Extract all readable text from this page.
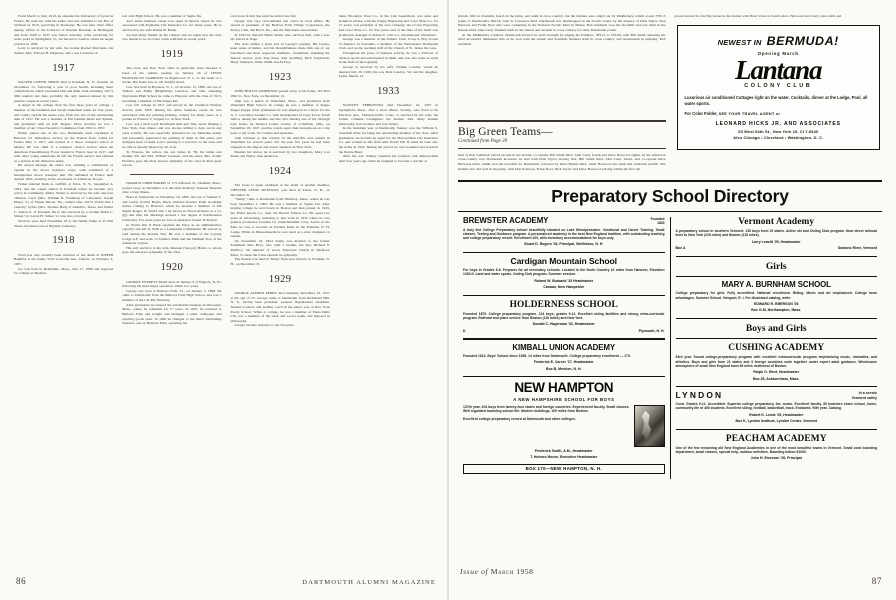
From March to July, 1919, he attended the University of Lyons in France. He read law with his father and was admitted to the Bar of Vermont in 1919, practicing in Rochester. He was later chief office deputy, Office of the Collector of Internal Revenue, in Burlington and from 1928 to 1935 was State's Attorney. After practicing for some years in Springfield, Vt., he moved to Ludlow where he began practice in 1956.

Larry is survived by his wife, the former Rachel Marchaux, his mother, Mrs. Edward H. Edgerton, and a son Lawrence Jr.

1917

WALTER COFFIN SIMON died at Potsdam, N. Y., hospital on November 15, following a year of poor health, including heart complications which prevented him and Ruth from attending 1917's 40th reunion last June, probably the only reunion missed by this popular couple in recent years.

A singer in the college choir his first three years in college, a member of the freshman and varsity basketball teams for four years, and varsity captain his senior year, Walt was one of the outstanding men of 1917. He was a member of Phi Gamma Delta and Sphinx, and graduated with an A.B. Degree. More recently, he was a member of our Class Executive Committee from 1952 to 1957.

Walter joined one of the two Dartmouth units organized at Hanover for ambulance service on the French front, sailed for France May 5, 1917, and trained at a motor transport school at Meaux. He was chief of a transport service section when the American Expeditionary Force landed in France later in 1917, and with other young Americans he left the French service and enlisted as a private in the American Army.

He served through the entire war, winning a commission as captain in the motor transport corps, with command of a headquarters motor transport unit. He remained in France until August 1919, assisting in the evacuation of American Troops.

Walter married Ruth A. Griffith of Utica, N. Y., September 4, 1923, and the couple settled in Potsdam where he became very active in community affairs. Walter is survived by his wife and four children, Carol (Mrs. William R. Freeman) of Cleveland; Joseph Emery '51 of Winter Haven, Fla., named after 1917's World War I casualty; Sylvia (Mrs. Thomas Hart) of Amarillo, Texas; and Walter C. Simon Jr. of Potsdam. He is also survived by a brother Rufus L. Simon '14. Lewis H. Simon '11 was also a brother.

Services were held November 18 at the family home at 55 Elm Street and burial was at Bayside Cemetery.

1918

Word has only recently been received of the death of JOSEPH BARNA at his home, 5510 Courville Ave., Detroit, on February 4, 1957.

Joe was born in Roslindale, Mass., July 27, 1896 and prepared for college at Mechan-

ical Arts High School. He was a member of Sigma Nu.

Joe's entire business career was spent in Detroit where he was associated with Equitable Life Insurance Co. for many years. He is survived by his wife Donna B. Barak.

Joe had many friends on the campus and we regret that the class was unable to be in closer touch with him in recent years.

1919

The class, and New York '19ers in particular, were shocked to learn of the sudden passing on January 24 of LEWIS FRANCISCUS GARRISON in Englewood, N. J., as the result of a stroke. His home was at 145 Tenafly Road.

Lew was born in Boonton, N. J., on October 15, 1896, the son of Wilbert and Emily (Brightman) Garrison, and after attending Stuyvesant High School he came to Hanover with the class of 1915, becoming a member of Phi Kappa Psi.

Lew left college in 1917 and served in the Chemical Warfare Service until 1918. During his entire business career he was associated with the printing industry, latterly for many years as a partner in Frances V. Toppan Co. in New York.

Lew was a most loyal Dartmouth man and '19er, never missing a New York class dinner, and was always willing to help out in any class activity. He was especially interested in our Madeline needs, and personally supervised the printing of them in fine plant, and designed most of them. Lew's passing is a sad blow to the class and he will be greatly missed by all of us.

To Frances, his widow, his son James R. '58, his father and mother, Mr. and Mrs. Wilbert Garrison, and his sister, Mrs. Arthur Fletcher, goes the most sincere sympathy of the class in their great sorrow.

HAROLD COBB HARRIS of 173 Jefferson St., Dedham, Mass., passed away on December 4 at the West Roxbury Veterans Hospital after a long illness.

Born in Somerville on December 16, 1895, the son of Samuel T. and Carrie (Cobb) Harris, Buck attended Powder Point Academy before coming to Hanover, where he became a member of Phi Sigma Kappa. In World War I he served in Naval Aviation as a Lt. (jg) and after his discharge secured a law degree at Northeastern University. For some years he was an insurance broker in Boston.

In World War II Buck rejoined the Navy in an administrative capacity and left in 1948 as a Lieutenant Commander. He served as well during the Korean War. He was a member of the Loyalty Lodge A.F. and A.M. of Jamaica Plain and the Dedham Post of the American Legion.

His only survivor is his wife, Marteen (Sawyer) Harris, to whom goes the sincerest sympathy of the class.

1920

GEORGE EVERETT PAGE died on January 6 at Walpole, N. H., following his third major operation within two years.

George was born at Bellows Falls, Vt., on January 5, 1898. He came to Dartmouth from the Bellows Falls High School, and was a member of the Chi Phi fraternity.

After graduation he entered the automobile business in Worcester, Mass., where he remained for 17 years. In 1937, he returned to Bellows Falls and bought and managed a paint, wallpaper and sporting goods store. In 1940 he changed to the men's furnishings business, also in Bellows Falls, operating his

own store in that line until he retired last fall.

George was very civic-minded and active in local affairs. He served as president of the Bellows Falls Village Corporation, the Rotary Club, Ski Bowl, Inc., and the Merchants Association.

In 1923 he married Helen Smith, who survives him, with a son, Dr. David A. Page.

The class suffers a great loss in George's passing. His loyalty, keen sense of humor, and his thoughtfulness made him one of our best-liked and most respected members. Classmates attending the funeral service were Rog Pope, Ken Spalding, Dick Southwick, Harry Sampson, Wade Smith and Al Frey.

1923

JOHN HOLLIS ANDERSON passed away at his home, 110 East 18th St., New York, on December 12.

John was a native of Wakefield, Mass., and graduated from Wakefield High School. In college he was a member of Kappa Kappa Kappa. After graduation he was employed as a buyer for the A. C. Lawrence Leather Co. with headquarters in Cape Town, South Africa, during the middle and late 20's. During one of his furlough trips home, he married Louise Garrity of Columbus, Ohio, on September 18, 1927, and the couple spent their honeymoon on a trip back to his work, via Canada and Australia.

John returned to this country in the mid-30's and resided in Wakefield for several years. For the past few years he had been engaged in the import and export business in New York.

Besides his widow he is survived by two daughters, Mary Lou Bolen and Nancy Jane Anderson.

1924

The Class is again saddened at the death of another member, CHESTER LEWIS MCELROY, who died in Tilton, N. H., on December 31.

"Sandy" came to Dartmouth from Winthrop, Mass., where he was born September 1, 1902. He was a member of Sigma Chi. After leaving college he sold bonds in Boston and then joined, in 1929, the Eldon Knoth Co., later the Boston Edison Co. He spent two years in advertising, returning to that work in 1933 where he was general production foreman for Johns-Manville Corp. Active in the Elks, he rose to become an Exalted Ruler in the Franklin, N. H. Lodge. While in Massachusetts he was rated as a state champion at squash.

On November 22, 1954 Sandy was married to the former Ermelinda Mae Hoyt, who with a brother, the Rev. Richard P. McElroy '26, minister of Grace Episcopal Church in Medford, Mass. To them the Class extends its sympathy.

The funeral was held in Trinity Episcopal Church, in Franklin, N. H., on December 31.

1929

GEORGE ALFRED PERRY died suddenly December 16, 1957 at the age of 55. George came to Dartmouth from Richmond Hill, N. Y., having been president, General Organization chairman, Student Council, and leading coach in his senior year at New York Poetry School. While at college, he was a member of Theta Delta Chi, was a member of the track and soccer teams and majored in philosophy.

George became assistant to the vice-pres-

ident, Brooklyn Trust Co., in the trust department, was sales and technical adviser with the Knapp Engraving and Color Plate Co. for 15 years; was president of his own company, the Crown Engraving and Color Plate Co. for five years; and at the time of his death was production manager of Robert E. Otis Co., international advertisers.

George was a member of the Fathers' Club, Troop 9, Boy Scouts of America in Scarsdale, a member of the Westchester Dartmouth Club, and on the teaching staff of the Church of St. James the Less.

Throughout his years of business activity, he was a follower of outdoor sports and participated in them, and was also quite an artist in the field of photography.

George is survived by his wife, Pauline Loudon, whom he married July 29, 1929; his son, Dale London, '54; and his daughter, Lynne Marsh, 12.

1933

STANLEY ZEBROWSKI died December 16, 1957 in Springfield, Mass., after a short illness. Stanley, who lived at 92 Fairview Ave., Thompsonville, Conn., is survived by his wife, the former Climene Casinghino; his mother, Mrs. Mary Kandel Zebrowski; four brothers and four sisters.

In his freshman year at Dartmouth, Stanley won the William S. Churchill Prize for being the outstanding member of his class. After graduation, he became an agent for the Metropolitan Life Insurance Co. and worked in this field until World War II when he went into the Army in 1943. During his service he was wounded and received the Purple Heart.

After the war, Stanley resumed his position with Metropolitan until four years ago when he resigned to become a teacher at

86	DARTMOUTH ALUMNI MAGAZINE

slalom, fifth in downhill, fourth in the jump, and tenth in cross country, but the Indians were edged out by Middlebury, which scored 578.15 points to Dartmouth's 566.16, with St. Lawrence third. Dartmouth was handicapped in the Nordic events by the absence of Dick Taylor, Don Peterson and Frank Noel who were competing in the National Nordic Meet in Maine. Bob Gebhardt won the downhill and was third in the slalom while John Ceely finished sixth in the slalom and seventh in cross country for other Dartmouth points.

At the Middlebury Carnival, Dartmouth showed its team strength by edging the Panthers, 583.13 to 576.09, with Bill Smith annexing his third successive Skimeister title as he won both the slalom and downhill, finished sixth in cross country, and seventeenth in jumping. Bob Gebhardt

Big Green Teams—
Continued from Page 39

lead as Bob Gebhardt placed second in the slalom, co-captain Bill Smith third, John Ceely fourth and Dave Harwood eighth. In the afternoon cross-country race Dartmouth increased its lead with Dick Taylor placing first, Bill Smith third, John Ceely fourth, and co-captain Dave Harwood ninth. Smith won the downhill for Dartmouth, followed by Dave Britten third, while Harwood was tenth and Gebhardt twelfth. The Indians also did well in the jump, with Don Peterson, Frank Noel, Dick Taylor and Dave Harwood placing within the first ten.

placed second for the Big Green in the slalom with Dave Vorse in fourth place. Harwood and Ceely were sixth and

NEWEST IN BERMUDA!
Opening March
Lantana
COLONY CLUB
Luxurious air conditioned Cottages right on the water. Cocktails, dinner at the Lodge, Pool, all water sports.
For Color Folder, SEE YOUR TRAVEL AGENT or
LEONARD HICKS JR. AND ASSOCIATES
65 West 54th St., New York 19, CI 7-6940
Also Chicago • Cleveland • Washington, D. C.
Preparatory School Directory
BREWSTER ACADEMY	Founded
1820
A truly fine College Preparatory school beautifully situated on Lake Winnipesaukee. Vocational and Career Training. Small classes. Testing and Guidance program. A personalized academy in the best New England tradition, with outstanding teaching and college preparatory record. Enrollment 200, with dormitory accommodations for boys only.
Stuart D. Rogers '34, Principal, Wolfeboro, N. H.
Cardigan Mountain School
For boys in Grades 5-8. Prepares for all secondary schools. Located in the North Country 22 miles from Hanover, Elevation 1300 ft. Land and water sports. Outing Club program. Summer session.
Roland W. Burbank '33 Headmaster
Canaan, New Hampshire
HOLDERNESS SCHOOL
Founded 1879. College preparatory program. 124 boys, grades 9-12. Excellent skiing facilities and strong extra-curricular program. Railroad and plane service from Boston (118 miles) and New York.
Donald C. Hagerman '32, Headmaster
D	Plymouth, N. H.
KIMBALL UNION ACADEMY
Founded 1813. Boys' School since 1956. 14 miles from Dartmouth. College preparatory enrollment — 170.
Frederick E. Carver '27, Headmaster
Box B, Meriden, N. H.
NEW HAMPTON
A NEW HAMPSHIRE SCHOOL FOR BOYS
137th year, 204 boys from twenty-four states and foreign countries. Experienced faculty. Small classes. Well regulated boarding school life. Modern buildings, 100 miles from Boston.
Excellent college preparatory record at Dartmouth and other colleges.
Frederick Smith, A.M., Headmaster
T. Holmes Moore, Executive Headmaster
BOX 170—NEW HAMPTON, N. H.
Vermont Academy
A preparatory school in southern Vermont. 135 boys from 15 states. Active ski and Outing Club program. Near direct railroad lines to New York (228 miles) and Boston (115 miles).
Larry Leavitt '25, Headmaster
Box A	Saxtons River, Vermont
Girls
MARY A. BURNHAM SCHOOL
College preparatory for girls. Fully accredited. National enrollment. Riding. Music and art emphasized. College town advantages. Summer School, Newport, R. I. For illustrated catalog, write:
EDWARD R. EMERSON '26
Box G-M, Northampton, Mass.
Boys and Girls
CUSHING ACADEMY
93rd year. Sound college-preparatory program with excellent extracurricular program emphasizing music, dramatics, and athletics. Boys and girls from 21 states and 3 foreign countries work together under expert adult guidance. Wholesome atmosphere of small New England town 60 miles northwest of Boston.
Ralph O. West, Headmaster
Box 35, Ashburnham, Mass.
LYNDON	In a scenic
Vermont valley
Coed. Grades 9-12. Accredited. Superior college preparatory. Art, music. Excellent faculty. 80 boarders share school, home, community life of 450 students. Excellent skiing, football, basketball, track. Endowed. 90th year. Catalog.
Robert K. Lewis '25, Headmaster
Box K, Lyndon Institute, Lyndon Center, Vermont
PEACHAM ACADEMY
One of the few remaining old New England Academies in one of the most beautiful towns in Vermont. Small coed boarding department, small classes, special help, outdoor activities. Boarding tuition $1000.
John H. Emerson '28, Principal
Issue of March 1958
87
